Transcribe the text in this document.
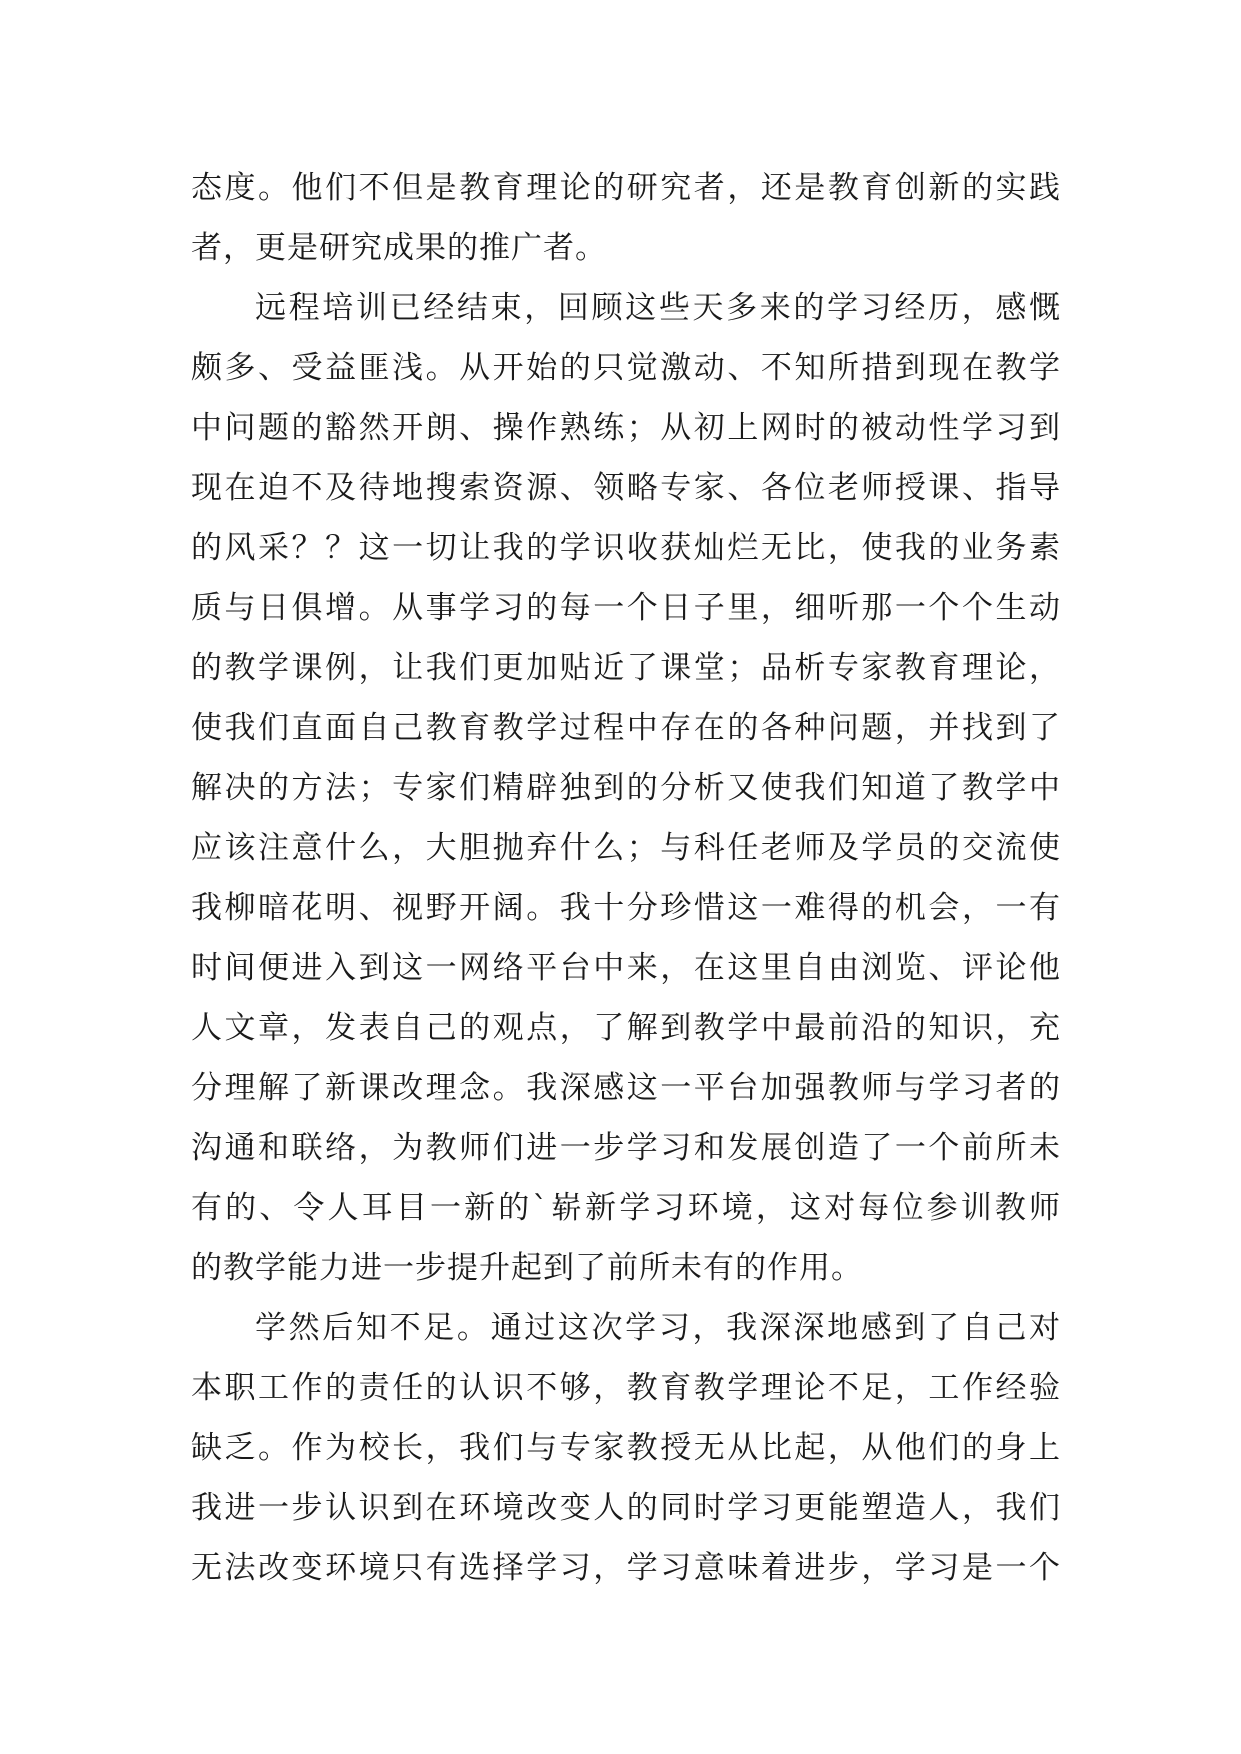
态度。他们不但是教育理论的研究者，还是教育创新的实践
者，更是研究成果的推广者。
远程培训已经结束，回顾这些天多来的学习经历，感慨
颇多、受益匪浅。从开始的只觉激动、不知所措到现在教学
中问题的豁然开朗、操作熟练；从初上网时的被动性学习到
现在迫不及待地搜索资源、领略专家、各位老师授课、指导
的风采？？这一切让我的学识收获灿烂无比，使我的业务素
质与日俱增。从事学习的每一个日子里，细听那一个个生动
的教学课例，让我们更加贴近了课堂；品析专家教育理论，
使我们直面自己教育教学过程中存在的各种问题，并找到了
解决的方法；专家们精辟独到的分析又使我们知道了教学中
应该注意什么，大胆抛弃什么；与科任老师及学员的交流使
我柳暗花明、视野开阔。我十分珍惜这一难得的机会，一有
时间便进入到这一网络平台中来，在这里自由浏览、评论他
人文章，发表自己的观点，了解到教学中最前沿的知识，充
分理解了新课改理念。我深感这一平台加强教师与学习者的
沟通和联络，为教师们进一步学习和发展创造了一个前所未
有的、令人耳目一新的`崭新学习环境，这对每位参训教师
的教学能力进一步提升起到了前所未有的作用。
学然后知不足。通过这次学习，我深深地感到了自己对
本职工作的责任的认识不够，教育教学理论不足，工作经验
缺乏。作为校长，我们与专家教授无从比起，从他们的身上
我进一步认识到在环境改变人的同时学习更能塑造人，我们
无法改变环境只有选择学习，学习意味着进步，学习是一个
